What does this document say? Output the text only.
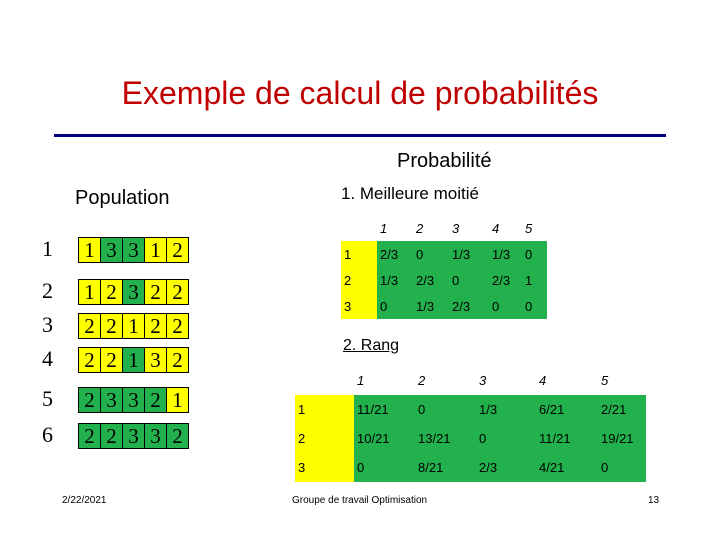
Exemple de calcul de probabilités
Probabilité
Population	1. Meilleure moitié
2. Rang
1	1 3 3 1 2
2	1 2 3 2 2
3	2 2 1 2 2
4	2 2 1 3 2
5	2 3 3 2 1
6	2 2 3 3 2
	1	2	3	4	5
1	2/3	0	1/3	1/3	0
2	1/3	2/3	0	2/3	1
3	0	1/3	2/3	0	0
	1	2	3	4	5
1	11/21	0	1/3	6/21	2/21
2	10/21	13/21	0	11/21	19/21
3	0	8/21	2/3	4/21	0
2/22/2021	Groupe de travail Optimisation	13
